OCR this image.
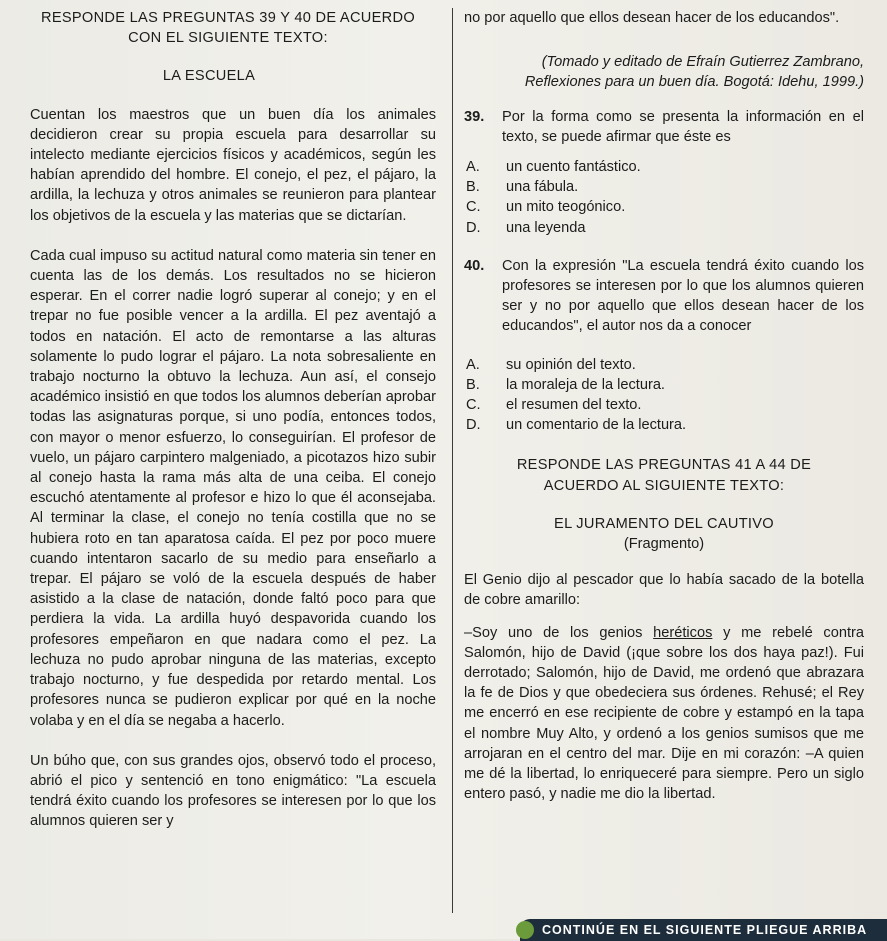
RESPONDE LAS PREGUNTAS 39 Y 40 DE ACUERDO CON EL SIGUIENTE TEXTO:

LA ESCUELA

Cuentan los maestros que un buen día los animales decidieron crear su propia escuela para desarrollar su intelecto mediante ejercicios físicos y académicos, según les habían aprendido del hombre. El conejo, el pez, el pájaro, la ardilla, la lechuza y otros animales se reunieron para plantear los objetivos de la escuela y las materias que se dictarían.

Cada cual impuso su actitud natural como materia sin tener en cuenta las de los demás. Los resultados no se hicieron esperar. En el correr nadie logró superar al conejo; y en el trepar no fue posible vencer a la ardilla. El pez aventajó a todos en natación. El acto de remontarse a las alturas solamente lo pudo lograr el pájaro. La nota sobresaliente en trabajo nocturno la obtuvo la lechuza. Aun así, el consejo académico insistió en que todos los alumnos deberían aprobar todas las asignaturas porque, si uno podía, entonces todos, con mayor o menor esfuerzo, lo conseguirían. El profesor de vuelo, un pájaro carpintero malgeniado, a picotazos hizo subir al conejo hasta la rama más alta de una ceiba. El conejo escuchó atentamente al profesor e hizo lo que él aconsejaba. Al terminar la clase, el conejo no tenía costilla que no se hubiera roto en tan aparatosa caída. El pez por poco muere cuando intentaron sacarlo de su medio para enseñarlo a trepar. El pájaro se voló de la escuela después de haber asistido a la clase de natación, donde faltó poco para que perdiera la vida. La ardilla huyó despavorida cuando los profesores empeñaron en que nadara como el pez. La lechuza no pudo aprobar ninguna de las materias, excepto trabajo nocturno, y fue despedida por retardo mental. Los profesores nunca se pudieron explicar por qué en la noche volaba y en el día se negaba a hacerlo.

Un búho que, con sus grandes ojos, observó todo el proceso, abrió el pico y sentenció en tono enigmático: "La escuela tendrá éxito cuando los profesores se interesen por lo que los alumnos quieren ser y

no por aquello que ellos desean hacer de los educandos".

(Tomado y editado de Efraín Gutierrez Zambrano, Reflexiones para un buen día. Bogotá: Idehu, 1999.)

39.	Por la forma como se presenta la información en el texto, se puede afirmar que éste es
A.	un cuento fantástico.
B.	una fábula.
C.	un mito teogónico.
D.	una leyenda
40.	Con la expresión "La escuela tendrá éxito cuando los profesores se interesen por lo que los alumnos quieren ser y no por aquello que ellos desean hacer de los educandos", el autor nos da a conocer
A.	su opinión del texto.
B.	la moraleja de la lectura.
C.	el resumen del texto.
D.	un comentario de la lectura.

RESPONDE LAS PREGUNTAS 41 A 44 DE ACUERDO AL SIGUIENTE TEXTO:

EL JURAMENTO DEL CAUTIVO

(Fragmento)

El Genio dijo al pescador que lo había sacado de la botella de cobre amarillo:

–Soy uno de los genios heréticos y me rebelé contra Salomón, hijo de David (¡que sobre los dos haya paz!). Fui derrotado; Salomón, hijo de David, me ordenó que abrazara la fe de Dios y que obedeciera sus órdenes. Rehusé; el Rey me encerró en ese recipiente de cobre y estampó en la tapa el nombre Muy Alto, y ordenó a los genios sumisos que me arrojaran en el centro del mar. Dije en mi corazón: –A quien me dé la libertad, lo enriqueceré para siempre. Pero un siglo entero pasó, y nadie me dio la libertad.

CONTINÚE EN EL SIGUIENTE PLIEGUE ARRIBA
